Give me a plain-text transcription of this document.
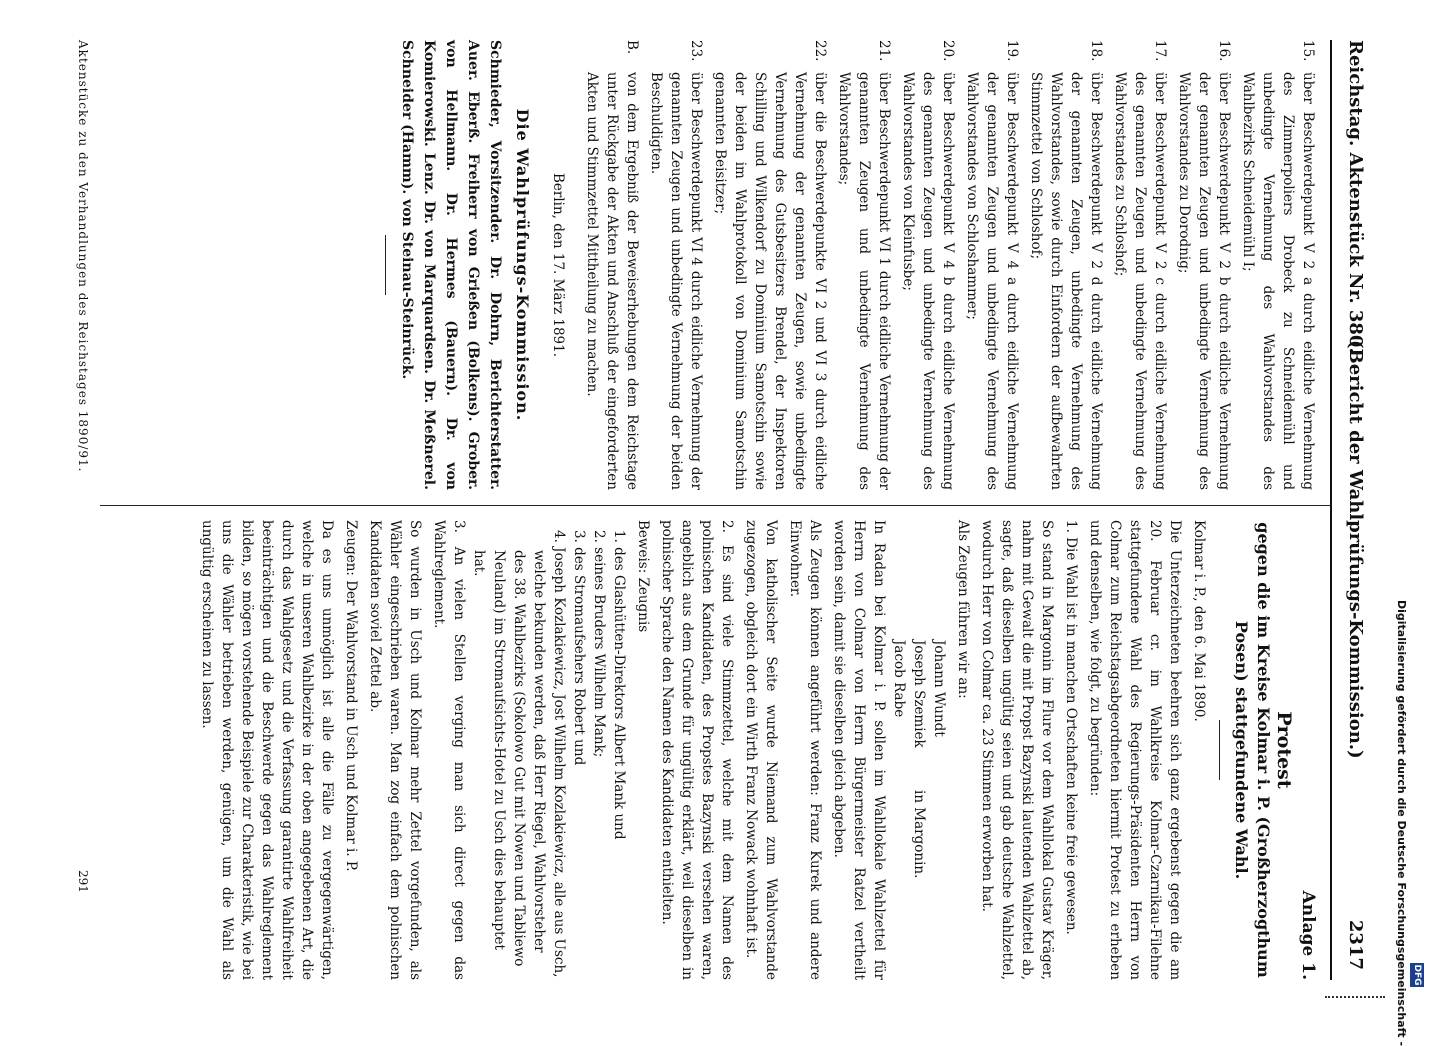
Reichstag. Aktenstück Nr. 380.
(Bericht der Wahlprüfungs-Kommission.)
2317
15.über Beschwerdepunkt V 2 a durch eidliche Vernehmung des Zimmerpoliers Drobeck zu Schneidemühl und unbedingte Vernehmung des Wahlvorstandes des Wahlbezirks Schneidemühl I;
16.über Beschwerdepunkt V 2 b durch eidliche Vernehmung der genannten Zeugen und unbedingte Vernehmung des Wahlvorstandes zu Dorodnig;
17.über Beschwerdepunkt V 2 c durch eidliche Vernehmung des genannten Zeugen und unbedingte Vernehmung des Wahlvorstandes zu Schloshof;
18.über Beschwerdepunkt V 2 d durch eidliche Vernehmung der genannten Zeugen, unbedingte Vernehmung des Wahlvorstandes, sowie durch Einfordern der aufbewahrten Stimmzettel von Schloshof;
19.über Beschwerdepunkt V 4 a durch eidliche Vernehmung der genannten Zeugen und unbedingte Vernehmung des Wahlvorstandes von Schloshammer;
20.über Beschwerdepunkt V 4 b durch eidliche Vernehmung des genannten Zeugen und unbedingte Vernehmung des Wahlvorstandes von Kleinfusbe;
21.über Beschwerdepunkt VI 1 durch eidliche Vernehmung der genannten Zeugen und unbedingte Vernehmung des Wahlvorstandes;
22.über die Beschwerdepunkte VI 2 und VI 3 durch eidliche Vernehmung der genannten Zeugen, sowie unbedingte Vernehmung des Gutsbesitzers Brendel, der Inspektoren Schilling und Wilkendorf zu Dominium Samotschin sowie der beiden im Wahlprotokoll von Dominium Samotschin genannten Beisitzer;
23.über Beschwerdepunkt VI 4 durch eidliche Vernehmung der genannten Zeugen und unbedingte Vernehmung der beiden Beschuldigten.
B.von dem Ergebniß der Beweiserhebungen dem Reichstage unter Rückgabe der Akten und Anschluß der eingeforderten Akten und Stimmzettel Mittheilung zu machen.
Berlin, den 17. März 1891.
Die Wahlprüfungs-Kommission.
Schmieder, Vorsitzender. Dr. Dohrn, Berichterstatter. Auer. Eberß. Freiherr von Grießen (Bolkens). Grober. von Hellmann. Dr. Hermes (Bauern). Dr. von Komierowski. Lenz. Dr. von Marquardsen. Dr. Meßnerel. Schneider (Hamm). von Steinau-Steinrück.
Anlage 1.
Protest
gegen die im Kreise Kolmar i. P. (Großherzogthum Posen) stattgefundene Wahl.

Kolmar i. P., den 6. Mai 1890.

Die Unterzeichneten beehren sich ganz ergebenst gegen die am 20. Februar cr. im Wahlkreise Kolmar-Czarnikau-Filehne stattgefundene Wahl des Regierungs-Präsidenten Herrn von Colmar zum Reichstagsabgeordneten hiermit Protest zu erheben und denselben, wie folgt, zu begründen:

1. Die Wahl ist in manchen Ortschaften keine freie gewesen.

So stand in Margonin im Flure vor dem Wahllokal Gustav Kräger, nahm mit Gewalt die mit Propst Bazynski lautenden Wahlzettel ab, sagte, daß dieselben ungültig seien und gab deutsche Wahlzettel, wodurch Herr von Colmar ca. 23 Stimmen erworben hat.

Als Zeugen führen wir an:

Johann Wundt
Joseph Szemiek
Jacob Rabe
in Margonin.

In Radan bei Kolmar i. P. sollen im Wahllokale Wahlzettel für Herrn von Colmar von Herrn Bürgermeister Ratzel vertheilt worden sein, damit sie dieselben gleich abgeben.

Als Zeugen können angeführt werden: Franz Kurek und andere Einwohner.

Von katholischer Seite wurde Niemand zum Wahlvorstande zugezogen, obgleich dort ein Wirth Franz Nowack wohnhaft ist.

2. Es sind viele Stimmzettel, welche mit dem Namen des polnischen Kandidaten, des Propstes Bazynski versehen waren, angeblich aus dem Grunde für ungültig erklärt, weil dieselben in polnischer Sprache den Namen des Kandidaten enthielten.

Beweis: Zeugnis

1. des Glashütten-Direktors Albert Mank und
2. seines Bruders Wilhelm Mank;
3. des Stromaufsehers Robert und
4. Joseph Kozlakiewicz, Jost Wilhelm Kozlakiewicz, alle aus Usch, welche bekunden werden, daß Herr Riegel, Wahlvorsteher des 38. Wahlbezirks (Sokolowo Gut mit Nowen und Tabliewo Neuland) im Stromaufsichts-Hotel zu Usch dies behauptet hat.

3. An vielen Stellen verging man sich direct gegen das Wahlreglement.

So wurden in Usch und Kolmar mehr Zettel vorgefunden, als Wähler eingeschrieben waren. Man zog einfach dem polnischen Kandidaten soviel Zettel ab.

Zeugen: Der Wahlvorstand in Usch und Kolmar i. P.

Da es uns unmöglich ist alle die Fälle zu vergegenwärtigen, welche in unseren Wahlbezirke in der oben angegebenen Art, die durch das Wahlgesetz und die Verfassung garantirte Wahlfreiheit beeinträchtigen und die Beschwerde gegen das Wahlreglement bilden, so mögen vorstehende Beispiele zur Charakteristik, wie bei uns die Wähler betrieben werden, genügen, um die Wahl als ungültig erscheinen zu lassen.

Aktenstücke zu den Verhandlungen des Reichstages 1890/91.
291	Digitalisierung gefördert durch die Deutsche Forschungsgemeinschaft - DFG
